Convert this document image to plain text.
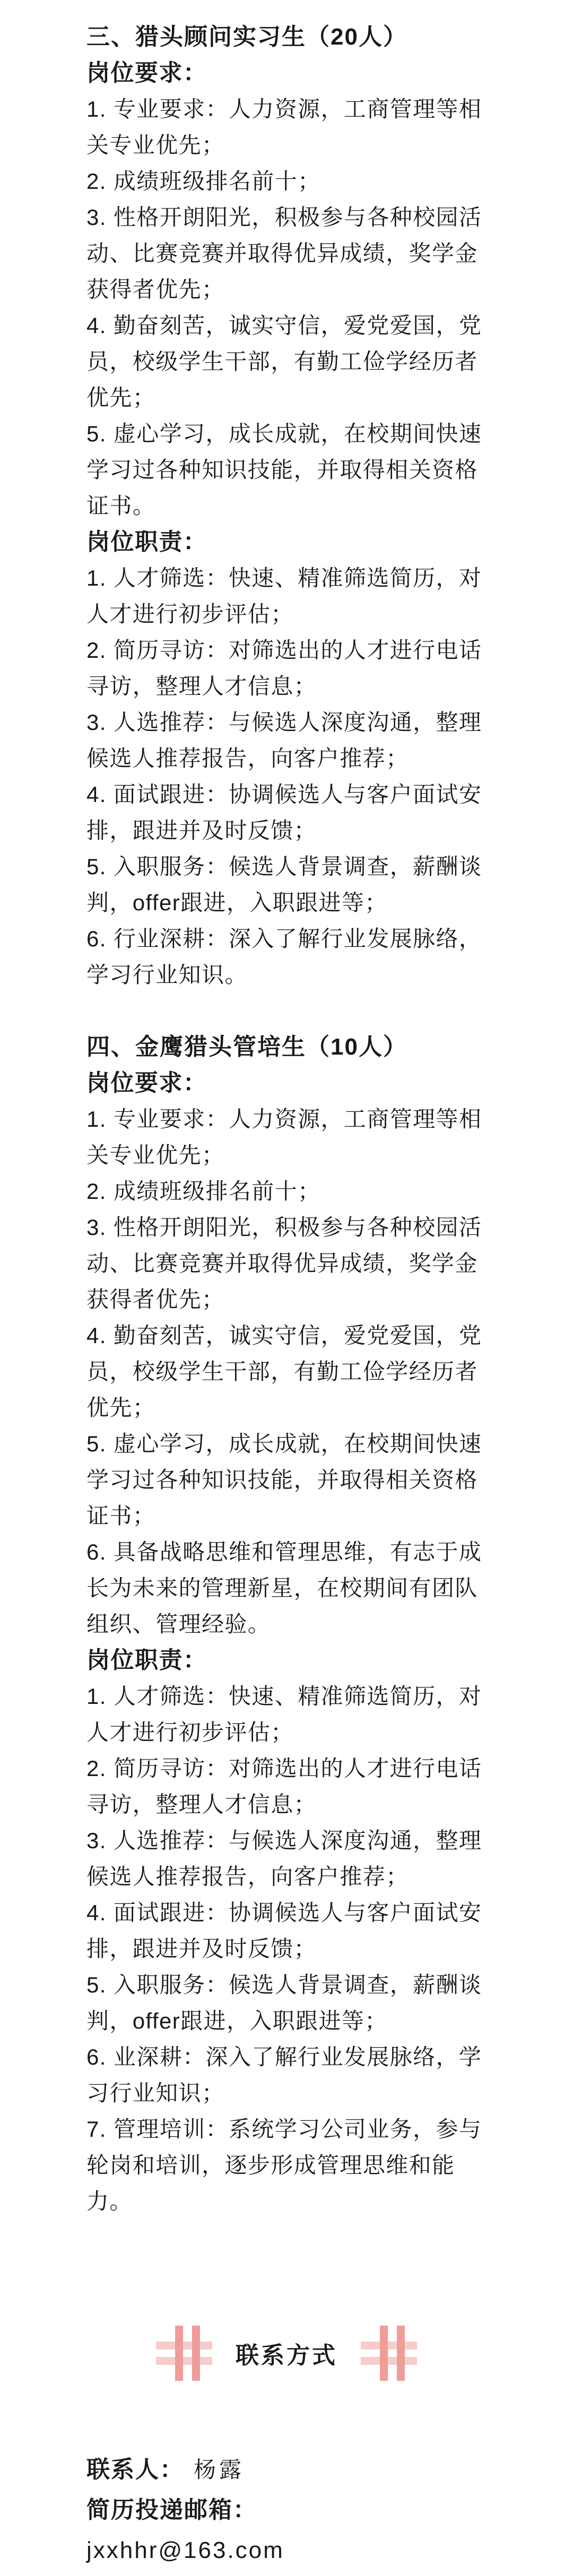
三、猎头顾问实习生（20人）
岗位要求：

1. 专业要求：人力资源，工商管理等相
关专业优先；

2. 成绩班级排名前十；

3. 性格开朗阳光，积极参与各种校园活
动、比赛竞赛并取得优异成绩，奖学金
获得者优先；

4. 勤奋刻苦，诚实守信，爱党爱国，党
员，校级学生干部，有勤工俭学经历者
优先；

5. 虚心学习，成长成就，在校期间快速
学习过各种知识技能，并取得相关资格
证书。

岗位职责：

1. 人才筛选：快速、精准筛选简历，对
人才进行初步评估；

2. 简历寻访：对筛选出的人才进行电话
寻访，整理人才信息；

3. 人选推荐：与候选人深度沟通，整理
候选人推荐报告，向客户推荐；

4. 面试跟进：协调候选人与客户面试安
排，跟进并及时反馈；

5. 入职服务：候选人背景调查，薪酬谈
判，offer跟进，入职跟进等；

6. 行业深耕：深入了解行业发展脉络，
学习行业知识。

四、金鹰猎头管培生（10人）
岗位要求：

1. 专业要求：人力资源，工商管理等相
关专业优先；

2. 成绩班级排名前十；

3. 性格开朗阳光，积极参与各种校园活
动、比赛竞赛并取得优异成绩，奖学金
获得者优先；

4. 勤奋刻苦，诚实守信，爱党爱国，党
员，校级学生干部，有勤工俭学经历者
优先；

5. 虚心学习，成长成就，在校期间快速
学习过各种知识技能，并取得相关资格
证书；

6. 具备战略思维和管理思维，有志于成
长为未来的管理新星，在校期间有团队
组织、管理经验。

岗位职责：

1. 人才筛选：快速、精准筛选简历，对
人才进行初步评估；

2. 简历寻访：对筛选出的人才进行电话
寻访，整理人才信息；

3. 人选推荐：与候选人深度沟通，整理
候选人推荐报告，向客户推荐；

4. 面试跟进：协调候选人与客户面试安
排，跟进并及时反馈；

5. 入职服务：候选人背景调查，薪酬谈
判，offer跟进，入职跟进等；

6. 业深耕：深入了解行业发展脉络，学
习行业知识；

7. 管理培训：系统学习公司业务，参与
轮岗和培训，逐步形成管理思维和能
力。

联系方式
联系人： 杨露
简历投递邮箱：
jxxhhr@163.com
